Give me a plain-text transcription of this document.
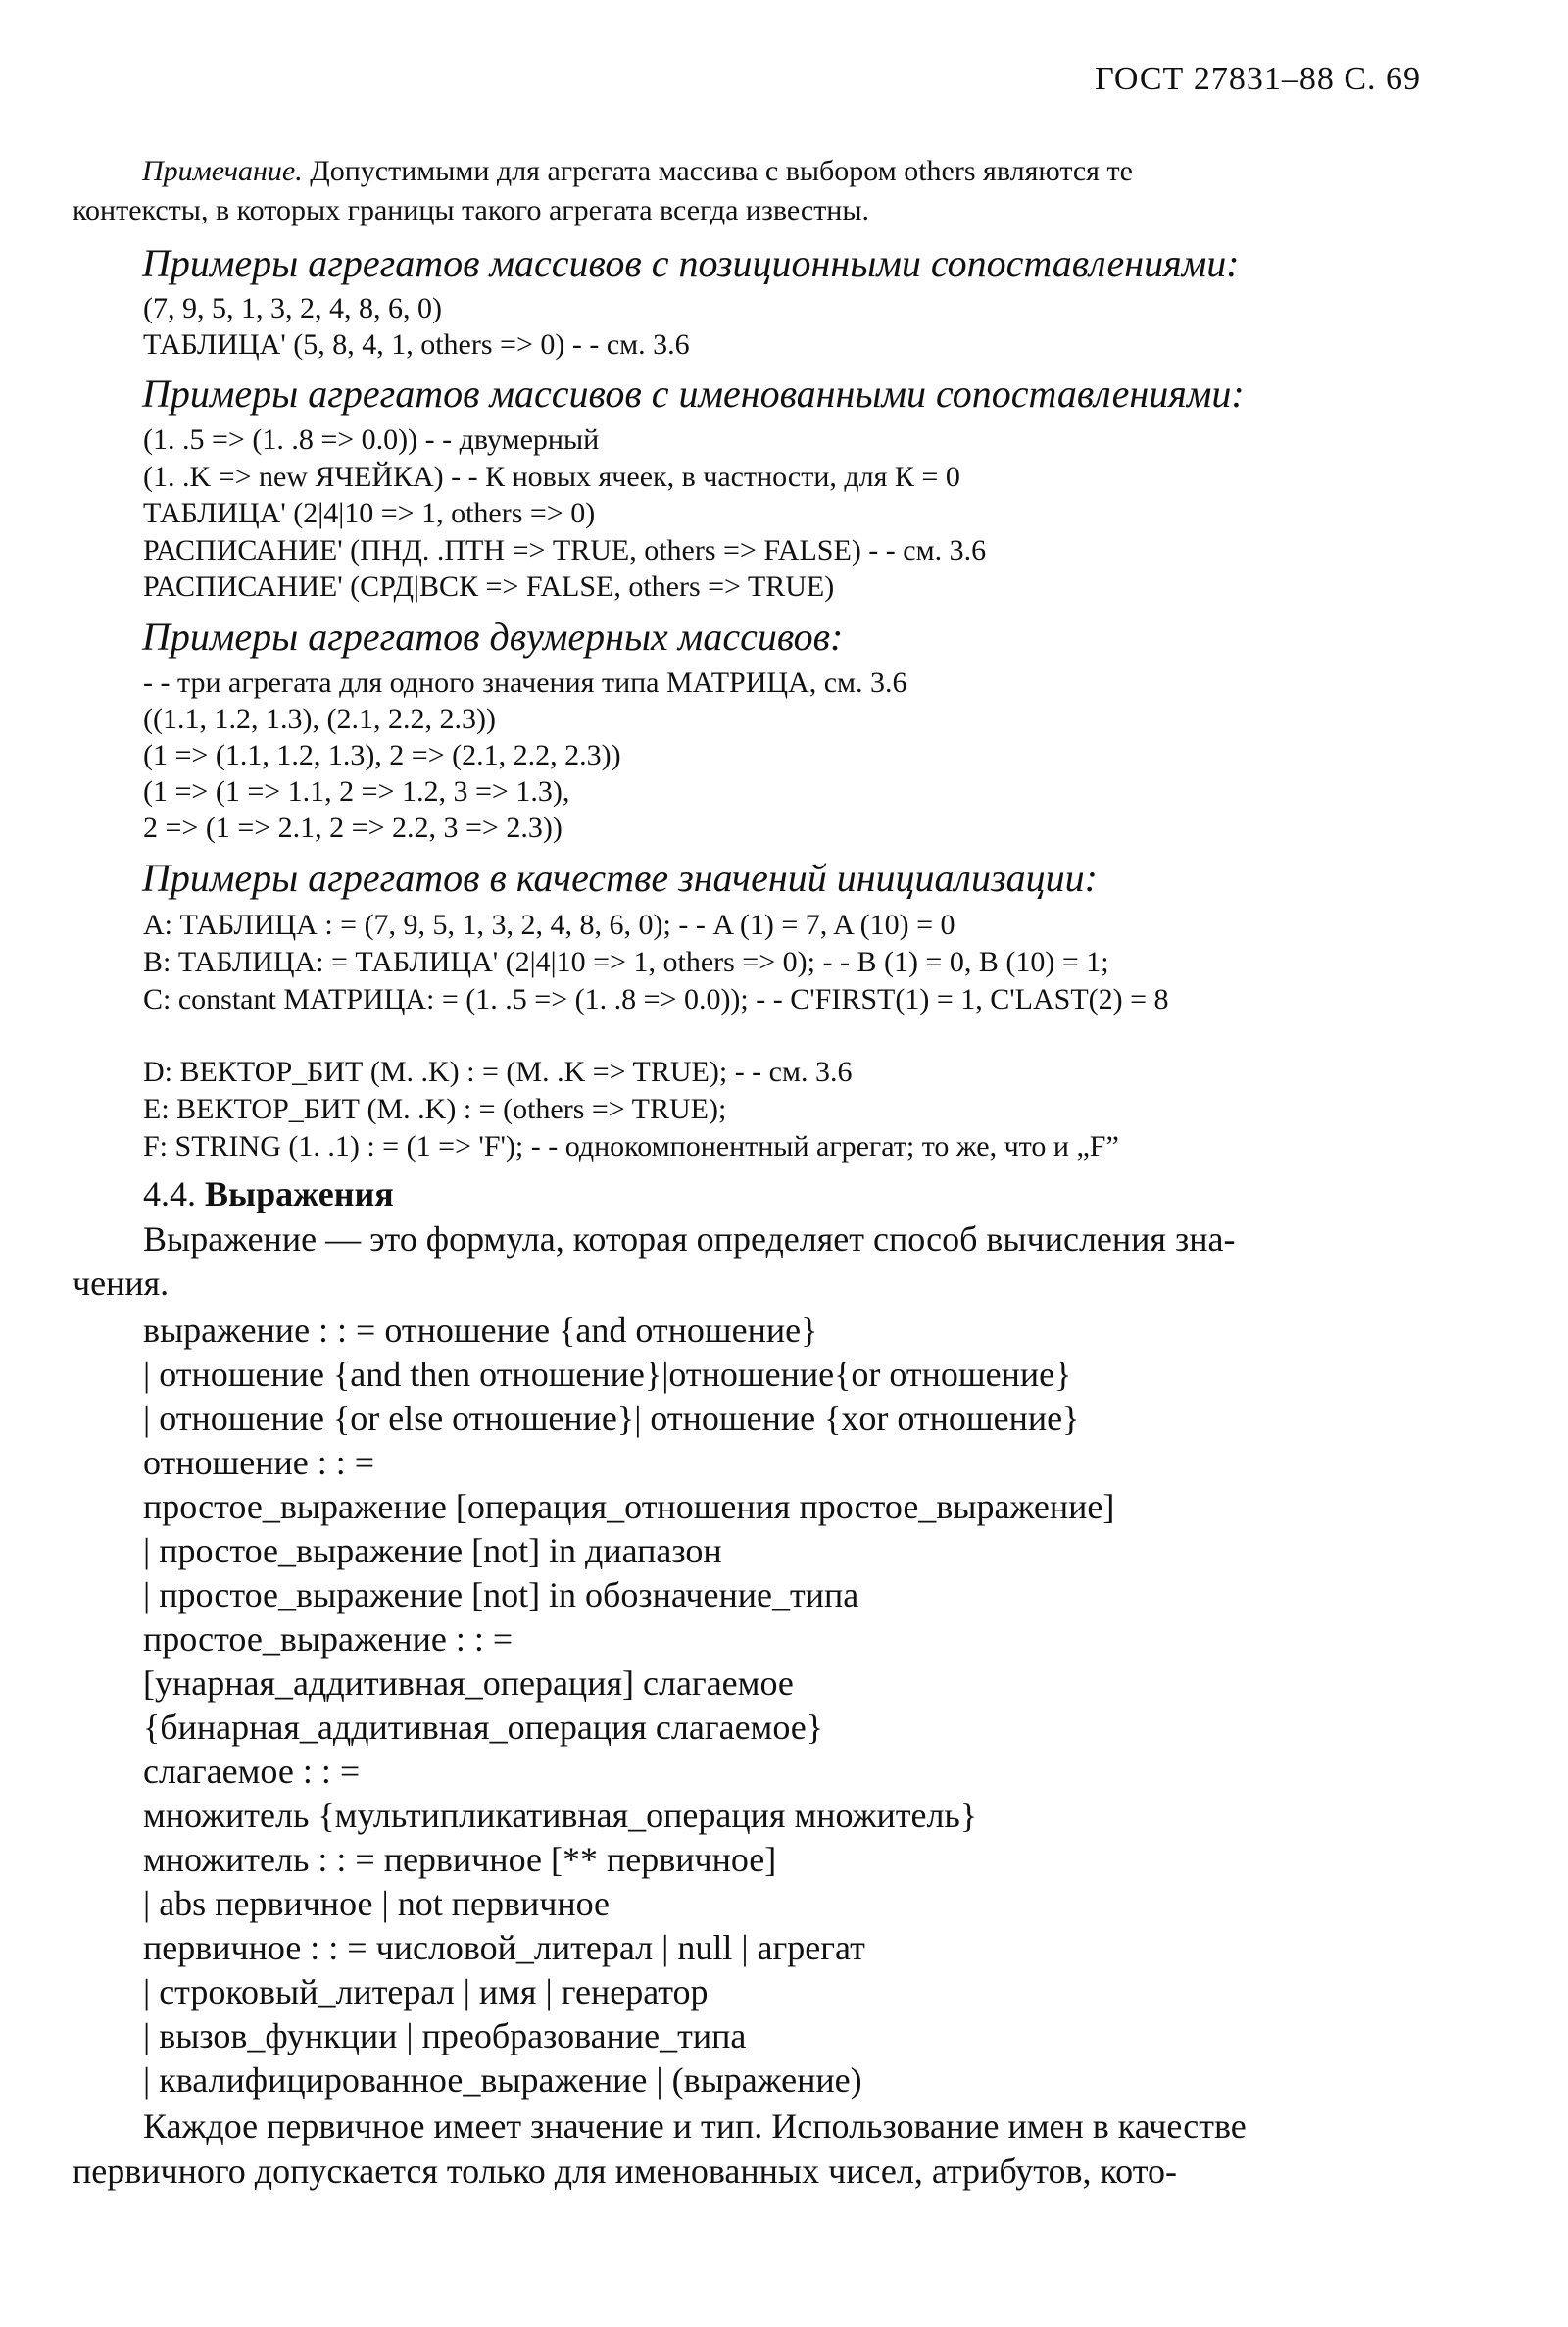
ГОСТ 27831–88 С. 69
Примечание. Допустимыми для агрегата массива с выбором others являются те
контексты, в которых границы такого агрегата всегда известны.
Примеры агрегатов массивов с позиционными сопоставлениями:
(7, 9, 5, 1, 3, 2, 4, 8, 6, 0)
ТАБЛИЦА' (5, 8, 4, 1, others => 0) - - см. 3.6
Примеры агрегатов массивов с именованными сопоставлениями:
(1. .5 => (1. .8 => 0.0)) - - двумерный
(1. .K => new ЯЧЕЙКА) - - К новых ячеек, в частности, для К = 0
ТАБЛИЦА' (2|4|10 => 1, others => 0)
РАСПИСАНИЕ' (ПНД. .ПТН => TRUE, others => FALSE) - - см. 3.6
РАСПИСАНИЕ' (СРД|ВСК => FALSE, others => TRUE)
Примеры агрегатов двумерных массивов:
- - три агрегата для одного значения типа МАТРИЦА, см. 3.6
((1.1, 1.2, 1.3), (2.1, 2.2, 2.3))
(1 => (1.1, 1.2, 1.3), 2 => (2.1, 2.2, 2.3))
(1 => (1 => 1.1, 2 => 1.2, 3 => 1.3),
2 => (1 => 2.1, 2 => 2.2, 3 => 2.3))
Примеры агрегатов в качестве значений инициализации:
A: ТАБЛИЦА : = (7, 9, 5, 1, 3, 2, 4, 8, 6, 0); - - A (1) = 7, A (10) = 0
B: ТАБЛИЦА: = ТАБЛИЦА' (2|4|10 => 1, others => 0); - - B (1) = 0, B (10) = 1;
C: constant МАТРИЦА: = (1. .5 => (1. .8 => 0.0)); - - C'FIRST(1) = 1, C'LAST(2) = 8
D: ВЕКТОР_БИТ (M. .K) : = (M. .K => TRUE); - - см. 3.6
E: ВЕКТОР_БИТ (M. .K) : = (others => TRUE);
F: STRING (1. .1) : = (1 => 'F'); - - однокомпонентный агрегат; то же, что и „F”
4.4. Выражения
Выражение — это формула, которая определяет способ вычисления зна-
чения.
выражение : : = отношение {and отношение}
| отношение {and then отношение}|отношение{or отношение}
| отношение {or else отношение}| отношение {xor отношение}
отношение : : =
простое_выражение [операция_отношения простое_выражение]
| простое_выражение [not] in диапазон
| простое_выражение [not] in обозначение_типа
простое_выражение : : =
[унарная_аддитивная_операция] слагаемое
{бинарная_аддитивная_операция слагаемое}
слагаемое : : =
множитель {мультипликативная_операция множитель}
множитель : : = первичное [** первичное]
| abs первичное | not первичное
первичное : : = числовой_литерал | null | агрегат
| строковый_литерал | имя | генератор
| вызов_функции | преобразование_типа
| квалифицированное_выражение | (выражение)
Каждое первичное имеет значение и тип. Использование имен в качестве
первичного допускается только для именованных чисел, атрибутов, кото-
